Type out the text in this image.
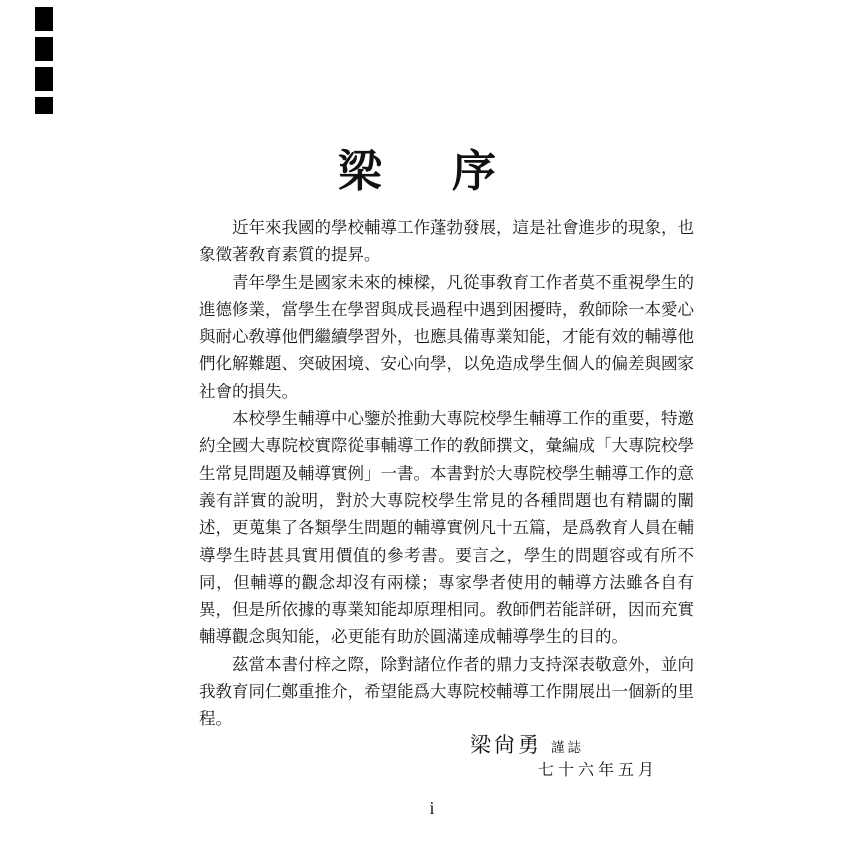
梁　序

近年來我國的學校輔導工作蓬勃發展，這是社會進步的現象，也象徵著敎育素質的提昇。

青年學生是國家未來的棟樑，凡從事敎育工作者莫不重視學生的進德修業，當學生在學習與成長過程中遇到困擾時，敎師除一本愛心與耐心敎導他們繼續學習外，也應具備專業知能，才能有效的輔導他們化解難題、突破困境、安心向學，以免造成學生個人的偏差與國家社會的損失。

本校學生輔導中心鑒於推動大專院校學生輔導工作的重要，特邀約全國大專院校實際從事輔導工作的敎師撰文，彙編成「大專院校學生常見問題及輔導實例」一書。本書對於大專院校學生輔導工作的意義有詳實的說明，對於大專院校學生常見的各種問題也有精闢的闡述，更蒐集了各類學生問題的輔導實例凡十五篇，是爲敎育人員在輔導學生時甚具實用價值的參考書。要言之，學生的問題容或有所不同，但輔導的觀念却沒有兩樣；專家學者使用的輔導方法雖各自有異，但是所依據的專業知能却原理相同。敎師們若能詳研，因而充實輔導觀念與知能，必更能有助於圓滿達成輔導學生的目的。

茲當本書付梓之際，除對諸位作者的鼎力支持深表敬意外，並向我敎育同仁鄭重推介，希望能爲大專院校輔導工作開展出一個新的里程。

梁尙勇 謹誌
七十六年五月
i
